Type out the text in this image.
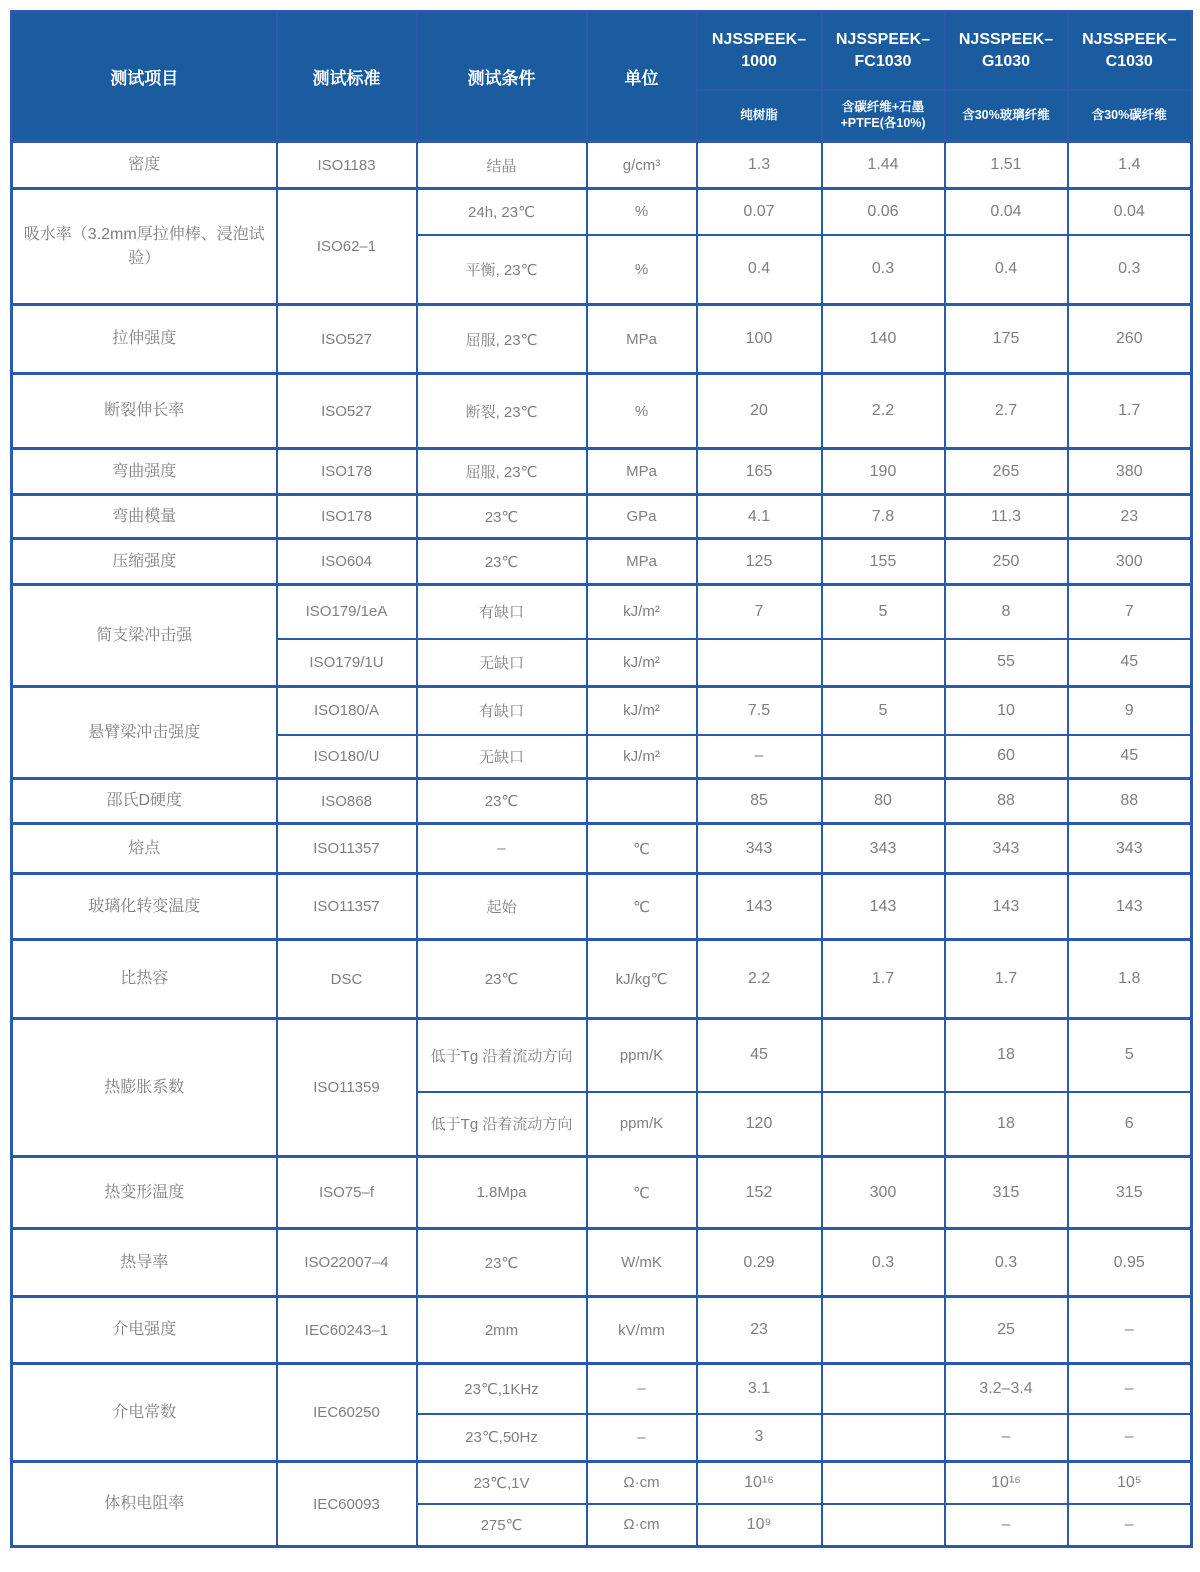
测试项目	测试标准	测试条件	单位	NJSSPEEK–1000	NJSSPEEK–FC1030	NJSSPEEK–G1030	NJSSPEEK–C1030
				纯树脂	含碳纤维+石墨+PTFE(各10%)	含30%玻璃纤维	含30%碳纤维
密度	ISO1183	结晶	g/cm³	1.3	1.44	1.51	1.4
吸水率（3.2mm厚拉伸棒、浸泡试验）	ISO62–1	24h, 23℃	%	0.07	0.06	0.04	0.04
		平衡, 23℃	%	0.4	0.3	0.4	0.3
拉伸强度	ISO527	屈服, 23℃	MPa	100	140	175	260
断裂伸长率	ISO527	断裂, 23℃	%	20	2.2	2.7	1.7
弯曲强度	ISO178	屈服, 23℃	MPa	165	190	265	380
弯曲模量	ISO178	23℃	GPa	4.1	7.8	11.3	23
压缩强度	ISO604	23℃	MPa	125	155	250	300
简支梁冲击强	ISO179/1eA	有缺口	kJ/m²	7	5	8	7
	ISO179/1U	无缺口	kJ/m²			55	45
悬臂梁冲击强度	ISO180/A	有缺口	kJ/m²	7.5	5	10	9
	ISO180/U	无缺口	kJ/m²	–		60	45
邵氏D硬度	ISO868	23℃		85	80	88	88
熔点	ISO11357	–	℃	343	343	343	343
玻璃化转变温度	ISO11357	起始	℃	143	143	143	143
比热容	DSC	23℃	kJ/kg℃	2.2	1.7	1.7	1.8
热膨胀系数	ISO11359	低于Tg 沿着流动方向	ppm/K	45		18	5
		低于Tg 沿着流动方向	ppm/K	120		18	6
热变形温度	ISO75–f	1.8Mpa	℃	152	300	315	315
热导率	ISO22007–4	23℃	W/mK	0.29	0.3	0.3	0.95
介电强度	IEC60243–1	2mm	kV/mm	23		25	–
介电常数	IEC60250	23℃,1KHz	–	3.1		3.2–3.4	–
		23℃,50Hz	–	3		–	–
体积电阻率	IEC60093	23℃,1V	Ω·cm	10¹⁶		10¹⁶	10⁵
		275℃	Ω·cm	10⁹		–	–
